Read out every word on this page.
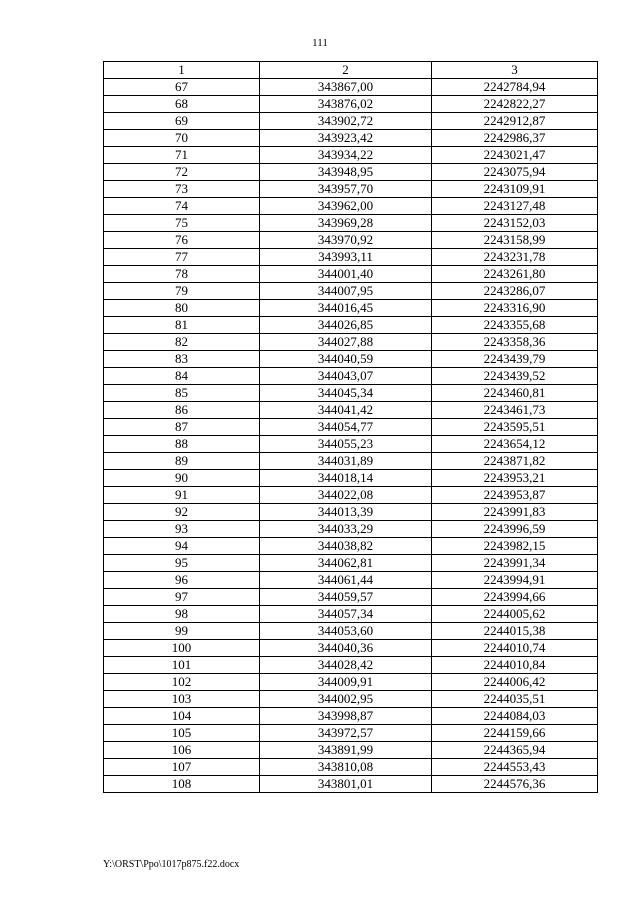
111
1	2	3
67	343867,00	2242784,94
68	343876,02	2242822,27
69	343902,72	2242912,87
70	343923,42	2242986,37
71	343934,22	2243021,47
72	343948,95	2243075,94
73	343957,70	2243109,91
74	343962,00	2243127,48
75	343969,28	2243152,03
76	343970,92	2243158,99
77	343993,11	2243231,78
78	344001,40	2243261,80
79	344007,95	2243286,07
80	344016,45	2243316,90
81	344026,85	2243355,68
82	344027,88	2243358,36
83	344040,59	2243439,79
84	344043,07	2243439,52
85	344045,34	2243460,81
86	344041,42	2243461,73
87	344054,77	2243595,51
88	344055,23	2243654,12
89	344031,89	2243871,82
90	344018,14	2243953,21
91	344022,08	2243953,87
92	344013,39	2243991,83
93	344033,29	2243996,59
94	344038,82	2243982,15
95	344062,81	2243991,34
96	344061,44	2243994,91
97	344059,57	2243994,66
98	344057,34	2244005,62
99	344053,60	2244015,38
100	344040,36	2244010,74
101	344028,42	2244010,84
102	344009,91	2244006,42
103	344002,95	2244035,51
104	343998,87	2244084,03
105	343972,57	2244159,66
106	343891,99	2244365,94
107	343810,08	2244553,43
108	343801,01	2244576,36
Y:\ORST\Ppo\1017p875.f22.docx
